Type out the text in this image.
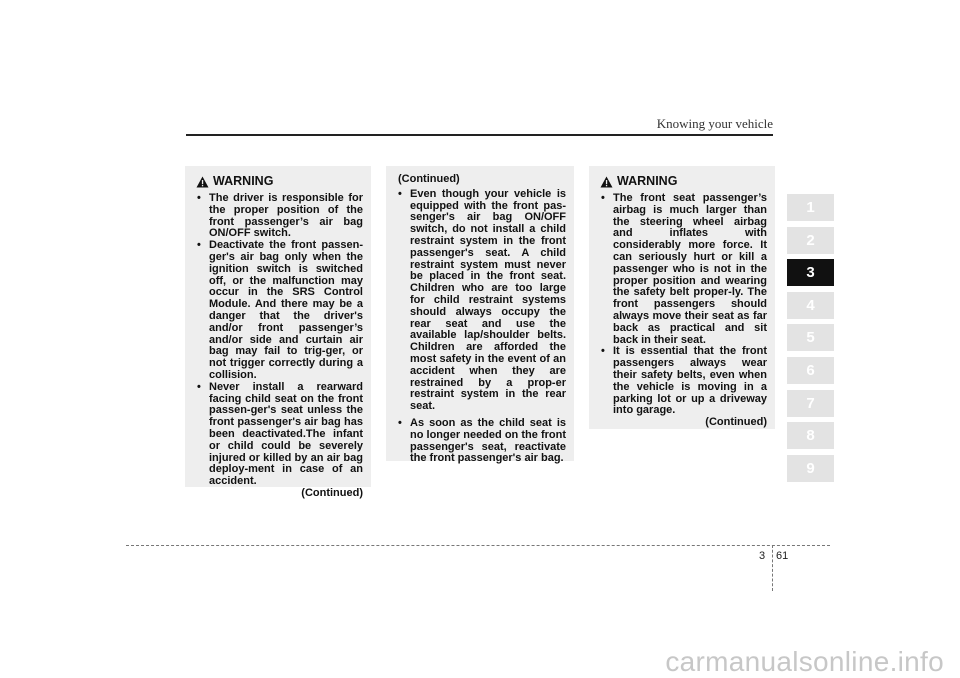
Knowing your vehicle
WARNING
• The driver is responsible for the proper position of the front passenger’s air bag ON/OFF switch.
• Deactivate the front passen-ger's air bag only when the ignition switch is switched off, or the malfunction may occur in the SRS Control Module. And there may be a danger that the driver's and/or front passenger’s and/or side and curtain air bag may fail to trig-ger, or not trigger correctly during a collision.
• Never install a rearward facing child seat on the front passen-ger's seat unless the front passenger's air bag has been deactivated.The infant or child could be severely injured or killed by an air bag deploy-ment in case of an accident.
(Continued)
(Continued)
• Even though your vehicle is equipped with the front pas-senger's air bag ON/OFF switch, do not install a child restraint system in the front passenger's seat. A child restraint system must never be placed in the front seat. Children who are too large for child restraint systems should always occupy the rear seat and use the available lap/shoulder belts. Children are afforded the most safety in the event of an accident when they are restrained by a prop-er restraint system in the rear seat.
• As soon as the child seat is no longer needed on the front passenger's seat, reactivate the front passenger's air bag.
WARNING
• The front seat passenger’s airbag is much larger than the steering wheel airbag and inflates with considerably more force. It can seriously hurt or kill a passenger who is not in the proper position and wearing the safety belt proper-ly. The front passengers should always move their seat as far back as practical and sit back in their seat.
• It is essential that the front passengers always wear their safety belts, even when the vehicle is moving in a parking lot or up a driveway into garage.
(Continued)
1
2
3
4
5
6
7
8
9
3 61
carmanualsonline.info
